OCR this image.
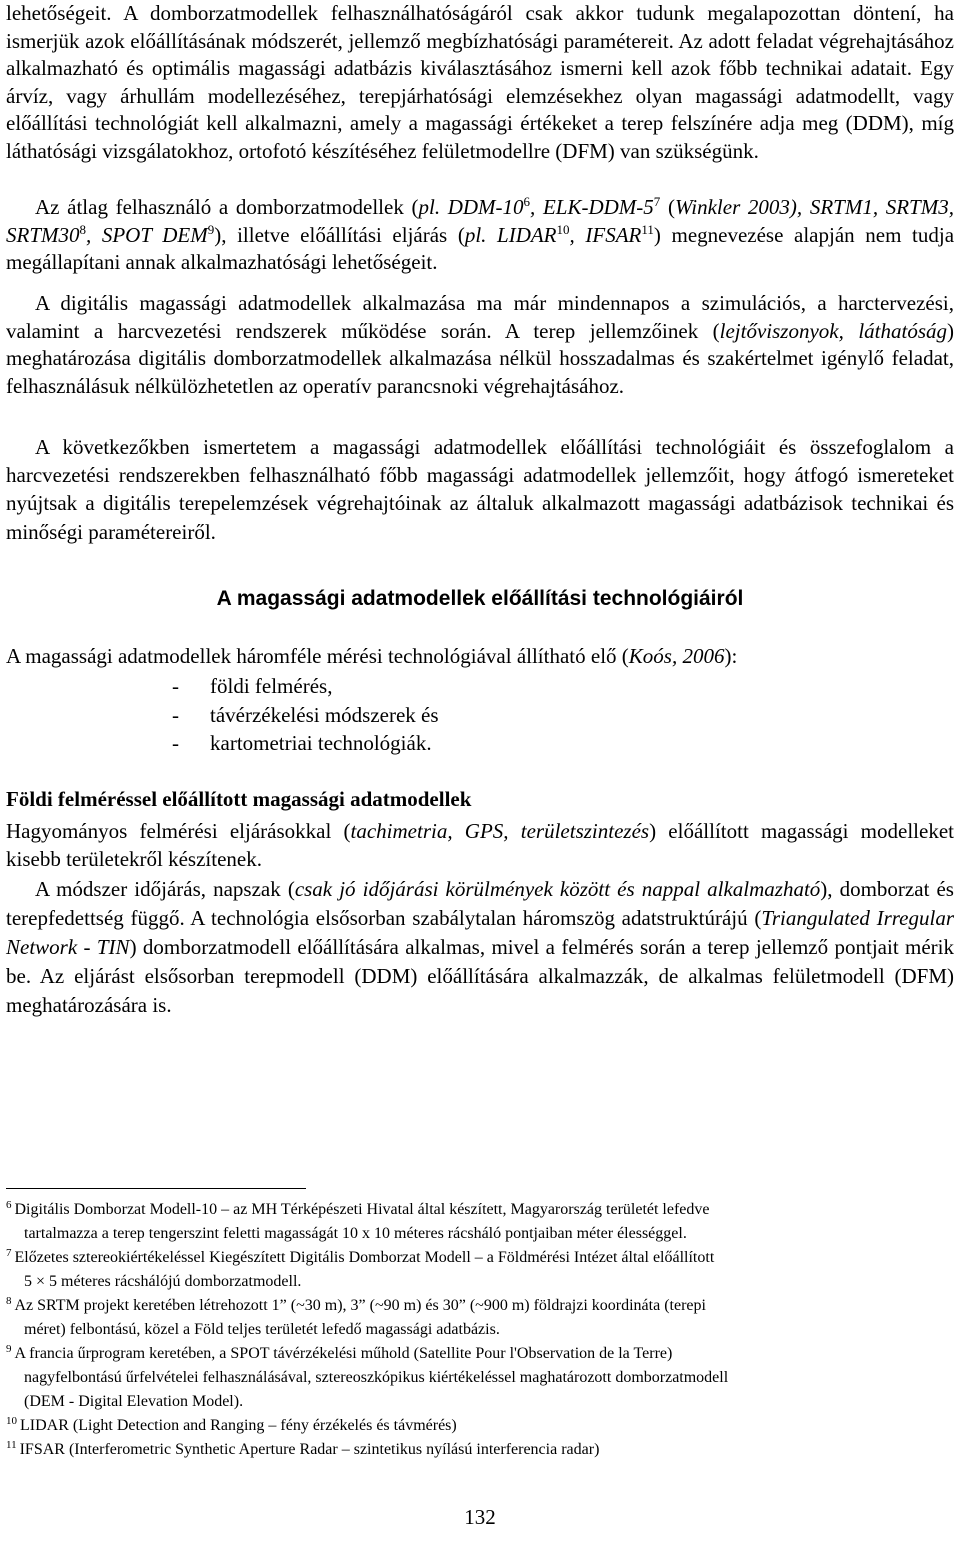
lehetőségeit. A domborzatmodellek felhasználhatóságáról csak akkor tudunk megalapozottan döntení, ha ismerjük azok előállításának módszerét, jellemző megbízhatósági paramétereit. Az adott feladat végrehajtásához alkalmazható és optimális magassági adatbázis kiválasztásához ismerni kell azok főbb technikai adatait. Egy árvíz, vagy árhullám modellezéséhez, terepjárhatósági elemzésekhez olyan magassági adatmodellt, vagy előállítási technológiát kell alkalmazni, amely a magassági értékeket a terep felszínére adja meg (DDM), míg láthatósági vizsgálatokhoz, ortofotó készítéséhez felületmodellre (DFM) van szükségünk.

Az átlag felhasználó a domborzatmodellek (pl. DDM-$10^6$, ELK-$DDM-5^7$ (Winkler 2003), SRTM1, SRTM3, $SRTM30^8$, SPOT DEM$^9$), illetve előállítási eljárás (pl. LIDAR$^{10}$, IFSAR$^{11}$) megnevezése alapján nem tudja megállapítani annak alkalmazhatósági lehetőségeit.

A digitális magassági adatmodellek alkalmazása ma már mindennapos a szimulációs, a harctervezési, valamint a harcvezetési rendszerek működése során. A terep jellemzőinek (lejtőviszonyok, láthatóság) meghatározása digitális domborzatmodellek alkalmazása nélkül hosszadalmas és szakértelmet igénylő feladat, felhasználásuk nélkülözhetetlen az operatív parancsnoki végrehajtásához.

A következőkben ismertetem a magassági adatmodellek előállítási technológiáit és összefoglalom a harcvezetési rendszerekben felhasználható főbb magassági adatmodellek jellemzőit, hogy átfogó ismereteket nyújtsak a digitális terepelemzések végrehajtóinak az általuk alkalmazott magassági adatbázisok technikai és minőségi paramétereiről.

A magassági adatmodellek előállítási technológiáiról

A magassági adatmodellek háromféle mérési technológiával állítható elő (Koós, 2006):

- földi felmérés,
- távérzékelési módszerek és
- kartometriai technológiák.
Földi felméréssel előállított magassági adatmodellek

Hagyományos felmérési eljárásokkal (tachimetria, GPS, területszintezés) előállított magassági modelleket kisebb területekről készítenek.

A módszer időjárás, napszak (csak jó időjárási körülmények között és nappal alkalmazható), domborzat és terepfedettség függő. A technológia elsősorban szabálytalan háromszög adatstruktúrájú (Triangulated Irregular Network - TIN) domborzatmodell előállítására alkalmas, mivel a felmérés során a terep jellemző pontjait mérik be. Az eljárást elsősorban terepmodell (DDM) előállítására alkalmazzák, de alkalmas felületmodell (DFM) meghatározására is.

$^6$ Digitális Domborzat Modell-10 – az MH Térképészeti Hivatal által készített, Magyarország területét lefedve
tartalmazza a terep tengerszint feletti magasságát 10 x 10 méteres rácsháló pontjaiban méter élességgel.

$^7$ Előzetes sztereokiértékeléssel Kiegészített Digitális Domborzat Modell – a Földmérési Intézet által előállított
5 × 5 méteres rácshálójú domborzatmodell.

$^8$ Az SRTM projekt keretében létrehozott 1” (~30 m), 3” (~90 m) és 30” (~900 m) földrajzi koordináta (terepi
méret) felbontású, közel a Föld teljes területét lefedő magassági adatbázis.

$^9$ A francia űrprogram keretében, a SPOT távérzékelési műhold (Satellite Pour l'Observation de la Terre)
nagyfelbontású űrfelvételei felhasználásával, sztereoszkópikus kiértékeléssel maghatározott domborzatmodell
(DEM - Digital Elevation Model).

$^{10}$ LIDAR (Light Detection and Ranging – fény érzékelés és távmérés)

$^{11}$ IFSAR (Interferometric Synthetic Aperture Radar – szintetikus nyílású interferencia radar)

132
